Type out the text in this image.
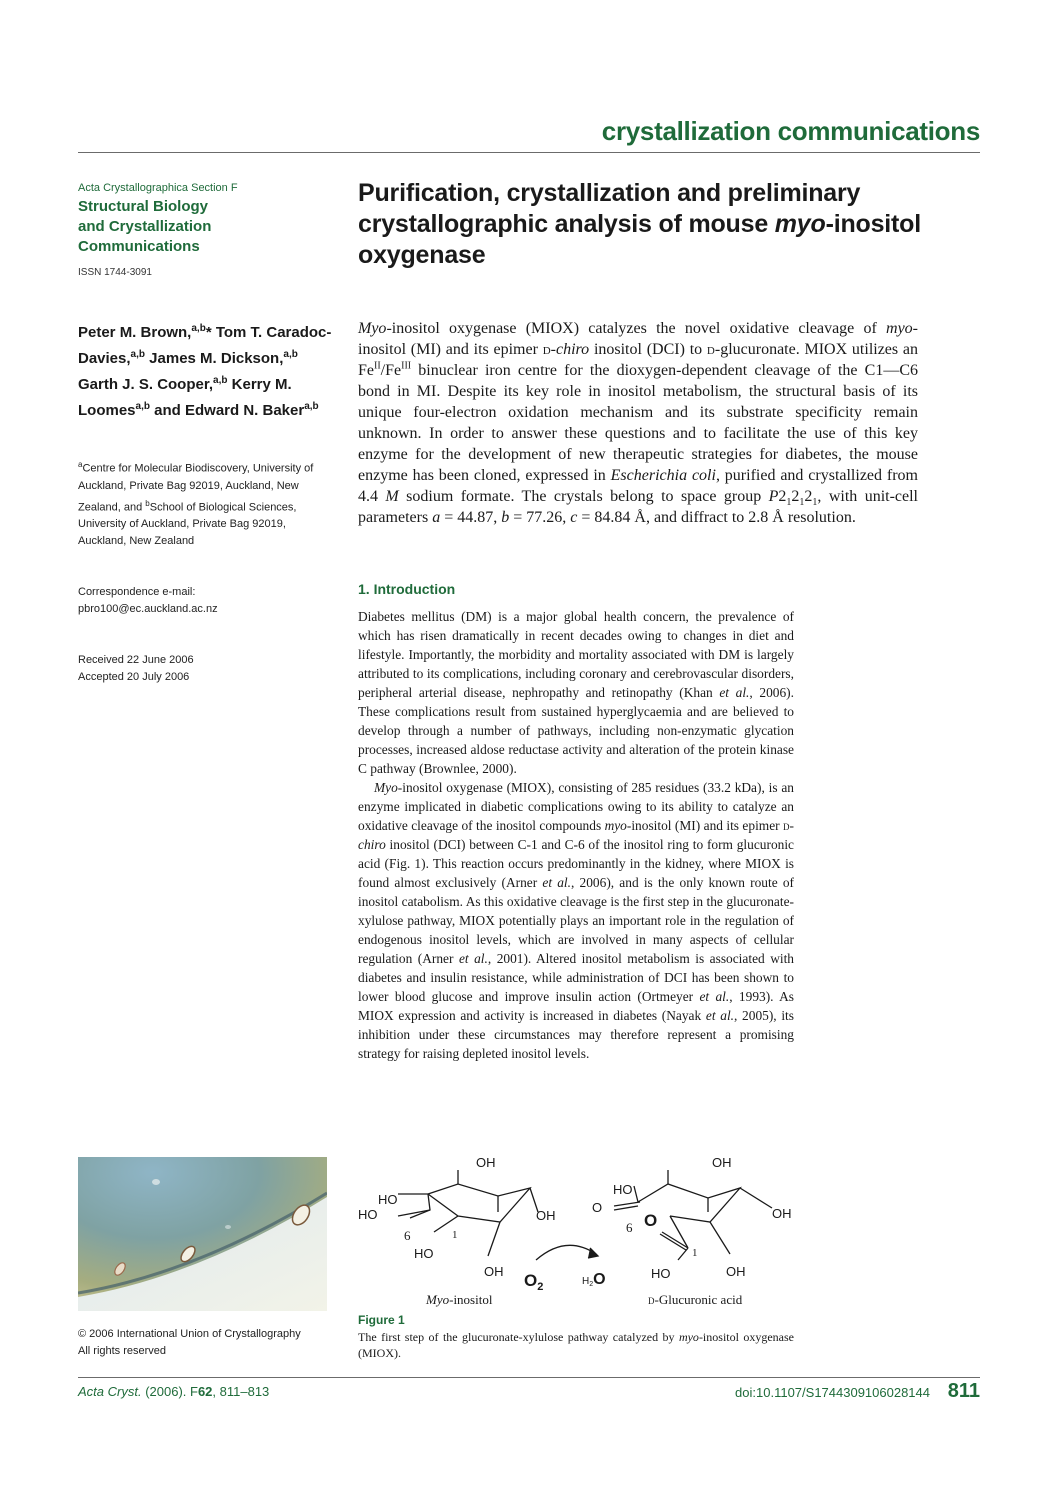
crystallization communications
Acta Crystallographica Section F
Structural Biology
and Crystallization
Communications
ISSN 1744-3091
Peter M. Brown,$^{a,b}$* Tom T. Caradoc-Davies,$^{a,b}$ James M. Dickson,$^{a,b}$ Garth J. S. Cooper,$^{a,b}$ Kerry M. Loomes$^{a,b}$ and Edward N. Baker$^{a,b}$
$^a$Centre for Molecular Biodiscovery, University of Auckland, Private Bag 92019, Auckland, New Zealand, and $^b$School of Biological Sciences, University of Auckland, Private Bag 92019, Auckland, New Zealand
Correspondence e-mail:
pbro100@ec.auckland.ac.nz
Received 22 June 2006
Accepted 20 July 2006
© 2006 International Union of Crystallography
All rights reserved
Purification, crystallization and preliminary crystallographic analysis of mouse myo-inositol oxygenase

Myo-inositol oxygenase (MIOX) catalyzes the novel oxidative cleavage of myo-inositol (MI) and its epimer d-chiro inositol (DCI) to d-glucuronate. MIOX utilizes an $Fe^{II}/Fe^{III}$ binuclear iron centre for the dioxygen-dependent cleavage of the C1—C6 bond in MI. Despite its key role in inositol metabolism, the structural basis of its unique four-electron oxidation mechanism and its substrate specificity remain unknown. In order to answer these questions and to facilitate the use of this key enzyme for the development of new therapeutic strategies for diabetes, the mouse enzyme has been cloned, expressed in Escherichia coli, purified and crystallized from 4.4 M sodium formate. The crystals belong to space group $P2_12_12_1$, with unit-cell parameters a = 44.87, b = 77.26, c = 84.84 Å, and diffract to 2.8 Å resolution.

1. Introduction

Diabetes mellitus (DM) is a major global health concern, the prevalence of which has risen dramatically in recent decades owing to changes in diet and lifestyle. Importantly, the morbidity and mortality associated with DM is largely attributed to its complications, including coronary and cerebrovascular disorders, peripheral arterial disease, nephropathy and retinopathy (Khan et al., 2006). These complications result from sustained hyperglycaemia and are believed to develop through a number of pathways, including non-enzymatic glycation processes, increased aldose reductase activity and alteration of the protein kinase C pathway (Brownlee, 2000).

Myo-inositol oxygenase (MIOX), consisting of 285 residues (33.2 kDa), is an enzyme implicated in diabetic complications owing to its ability to catalyze an oxidative cleavage of the inositol compounds myo-inositol (MI) and its epimer d-chiro inositol (DCI) between C-1 and C-6 of the inositol ring to form glucuronic acid (Fig. 1). This reaction occurs predominantly in the kidney, where MIOX is found almost exclusively (Arner et al., 2006), and is the only known route of inositol catabolism. As this oxidative cleavage is the first step in the glucuronate-xylulose pathway, MIOX potentially plays an important role in the regulation of endogenous inositol levels, which are involved in many aspects of cellular regulation (Arner et al., 2001). Altered inositol metabolism is associated with diabetes and insulin resistance, while administration of DCI has been shown to lower blood glucose and improve insulin action (Ortmeyer et al., 1993). As MIOX expression and activity is increased in diabetes (Nayak et al., 2005), its inhibition under these circumstances may therefore represent a promising strategy for raising depleted inositol levels.

OH
HO
HO	OH
6	1
HO
OH
Myo-inositol
$O_2$	$H_2O$
OH
HO
O
6 O	OH
1
HO	OH
d-Glucuronic acid
Figure 1
The first step of the glucuronate-xylulose pathway catalyzed by myo-inositol oxygenase (MIOX).
Acta Cryst. (2006). F62, 811–813	doi:10.1107/S1744309106028144 811
